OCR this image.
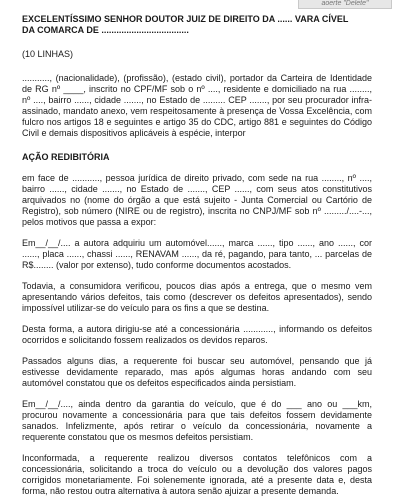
aoerte "Delete"
EXCELENTÍSSIMO SENHOR DOUTOR JUIZ DE DIREITO DA ...... VARA CÍVEL
DA COMARCA DE ...................................

(10 LINHAS)

..........., (nacionalidade), (profissão), (estado civil), portador da Carteira de Identidade de RG nº ____, inscrito no CPF/MF sob o nº ...., residente e domiciliado na rua ........, nº ...., bairro ......, cidade ......., no Estado de ......... CEP ......., por seu procurador infra-assinado, mandato anexo, vem respeitosamente à presença de Vossa Excelência, com fulcro nos artigos 18 e seguintes e artigo 35 do CDC, artigo 881 e seguintes do Código Civil e demais dispositivos aplicáveis à espécie, interpor

AÇÃO REDIBITÓRIA

em face de ..........., pessoa jurídica de direito privado, com sede na rua ........, nº ...., bairro ......, cidade ......., no Estado de ......., CEP ......, com seus atos constitutivos arquivados no (nome do órgão a que está sujeito - Junta Comercial ou Cartório de Registro), sob número (NIRE ou de registro), inscrita no CNPJ/MF sob nº ........./....-..., pelos motivos que passa a expor:

Em__/__/.... a autora adquiriu um automóvel......, marca ......, tipo ......, ano ......, cor ......, placa ......, chassi ......, RENAVAM ......, da ré, pagando, para tanto, ... parcelas de R$........ (valor por extenso), tudo conforme documentos acostados.

Todavia, a consumidora verificou, poucos dias após a entrega, que o mesmo vem apresentando vários defeitos, tais como (descrever os defeitos apresentados), sendo impossível utilizar-se do veículo para os fins a que se destina.

Desta forma, a autora dirigiu-se até a concessionária ............, informando os defeitos ocorridos e solicitando fossem realizados os devidos reparos.

Passados alguns dias, a requerente foi buscar seu automóvel, pensando que já estivesse devidamente reparado, mas após algumas horas andando com seu automóvel constatou que os defeitos especificados ainda persistiam.

Em__/__/...., ainda dentro da garantia do veículo, que é do ___ ano ou ___km, procurou novamente a concessionária para que tais defeitos fossem devidamente sanados. Infelizmente, após retirar o veículo da concessionária, novamente a requerente constatou que os mesmos defeitos persistiam.

Inconformada, a requerente realizou diversos contatos telefônicos com a concessionária, solicitando a troca do veículo ou a devolução dos valores pagos corrigidos monetariamente. Foi solenemente ignorada, até a presente data e, desta forma, não restou outra alternativa à autora senão ajuizar a presente demanda.
